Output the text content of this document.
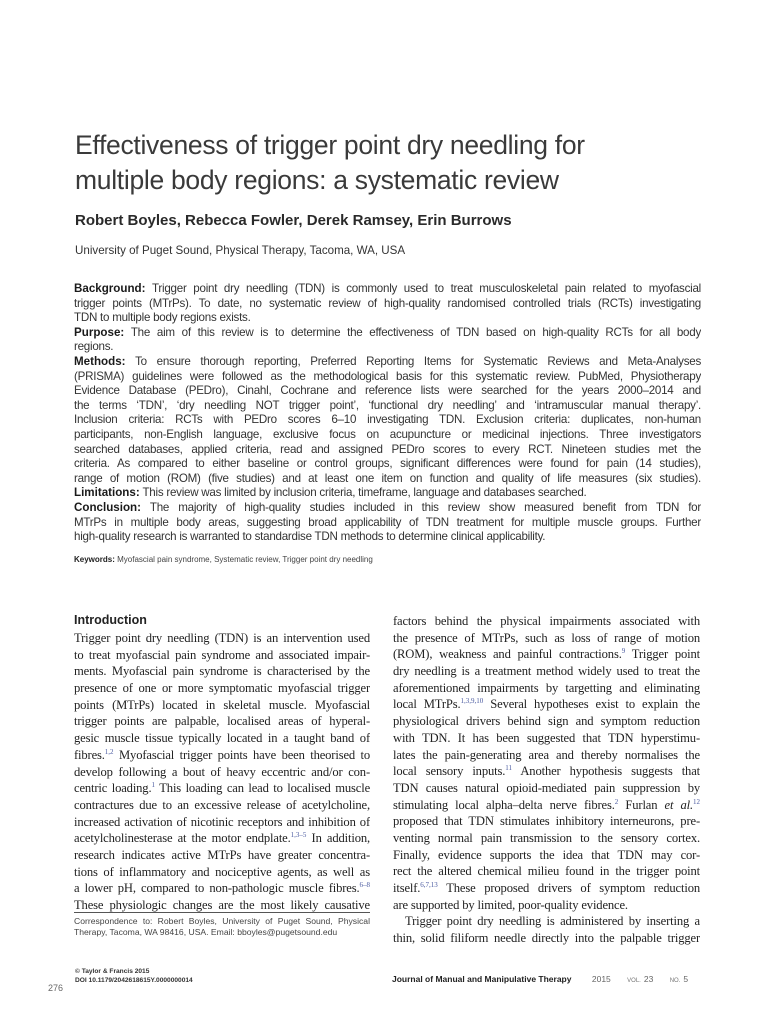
Effectiveness of trigger point dry needling for
multiple body regions: a systematic review
Robert Boyles, Rebecca Fowler, Derek Ramsey, Erin Burrows
University of Puget Sound, Physical Therapy, Tacoma, WA, USA
Background: Trigger point dry needling (TDN) is commonly used to treat musculoskeletal pain related to myofascial
trigger points (MTrPs). To date, no systematic review of high-quality randomised controlled trials (RCTs) investigating
TDN to multiple body regions exists.
Purpose: The aim of this review is to determine the effectiveness of TDN based on high-quality RCTs for all body
regions.
Methods: To ensure thorough reporting, Preferred Reporting Items for Systematic Reviews and Meta-Analyses
(PRISMA) guidelines were followed as the methodological basis for this systematic review. PubMed, Physiotherapy
Evidence Database (PEDro), Cinahl, Cochrane and reference lists were searched for the years 2000–2014 and
the terms ‘TDN’, ‘dry needling NOT trigger point’, ‘functional dry needling’ and ‘intramuscular manual therapy’.
Inclusion criteria: RCTs with PEDro scores 6–10 investigating TDN. Exclusion criteria: duplicates, non-human
participants, non-English language, exclusive focus on acupuncture or medicinal injections. Three investigators
searched databases, applied criteria, read and assigned PEDro scores to every RCT. Nineteen studies met the
criteria. As compared to either baseline or control groups, significant differences were found for pain (14 studies),
range of motion (ROM) (five studies) and at least one item on function and quality of life measures (six studies).
Limitations: This review was limited by inclusion criteria, timeframe, language and databases searched.
Conclusion: The majority of high-quality studies included in this review show measured benefit from TDN for
MTrPs in multiple body areas, suggesting broad applicability of TDN treatment for multiple muscle groups. Further
high-quality research is warranted to standardise TDN methods to determine clinical applicability.
Keywords: Myofascial pain syndrome, Systematic review, Trigger point dry needling
Introduction
Trigger point dry needling (TDN) is an intervention used
to treat myofascial pain syndrome and associated impair-
ments. Myofascial pain syndrome is characterised by the
presence of one or more symptomatic myofascial trigger
points (MTrPs) located in skeletal muscle. Myofascial
trigger points are palpable, localised areas of hyperal-
gesic muscle tissue typically located in a taught band of
fibres.$^{1,2}$ Myofascial trigger points have been theorised to
develop following a bout of heavy eccentric and/or con-
centric loading.$^1$ This loading can lead to localised muscle
contractures due to an excessive release of acetylcholine,
increased activation of nicotinic receptors and inhibition of
acetylcholinesterase at the motor endplate.$^{1,3-5}$ In addition,
research indicates active MTrPs have greater concentra-
tions of inflammatory and nociceptive agents, as well as
a lower pH, compared to non-pathologic muscle fibres.$^{6-8}$
These physiologic changes are the most likely causative
factors behind the physical impairments associated with
the presence of MTrPs, such as loss of range of motion
(ROM), weakness and painful contractions.$^9$ Trigger point
dry needling is a treatment method widely used to treat the
aforementioned impairments by targetting and eliminating
local MTrPs.$^{1,3,9,10}$ Several hypotheses exist to explain the
physiological drivers behind sign and symptom reduction
with TDN. It has been suggested that TDN hyperstimu-
lates the pain-generating area and thereby normalises the
local sensory inputs.$^{11}$ Another hypothesis suggests that
TDN causes natural opioid-mediated pain suppression by
stimulating local alpha–delta nerve fibres.$^2$ Furlan et al.$^{12}$
proposed that TDN stimulates inhibitory interneurons, pre-
venting normal pain transmission to the sensory cortex.
Finally, evidence supports the idea that TDN may cor-
rect the altered chemical milieu found in the trigger point
itself.$^{6,7,13}$ These proposed drivers of symptom reduction
are supported by limited, poor-quality evidence.
Trigger point dry needling is administered by inserting a
thin, solid filiform needle directly into the palpable trigger
Correspondence to: Robert Boyles, University of Puget Sound, Physical
Therapy, Tacoma, WA 98416, USA. Email: bboyles@pugetsound.edu
© Taylor & Francis 2015
DOI 10.1179/2042618615Y.0000000014
276
Journal of Manual and Manipulative Therapy 2015	VOL. 23	NO. 5
